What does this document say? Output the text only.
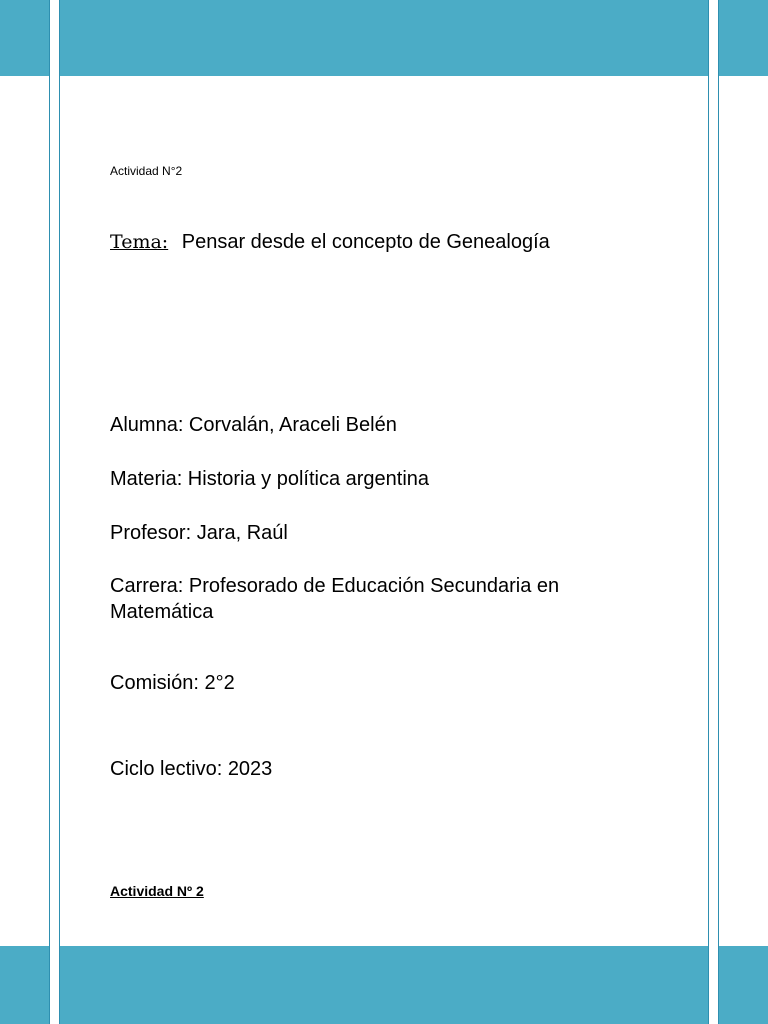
Actividad N°2
Tema: Pensar desde el concepto de Genealogía
Alumna: Corvalán, Araceli Belén
Materia: Historia y política argentina
Profesor: Jara, Raúl
Carrera: Profesorado de Educación Secundaria en Matemática
Comisión: 2°2
Ciclo lectivo: 2023
Actividad Nº 2
